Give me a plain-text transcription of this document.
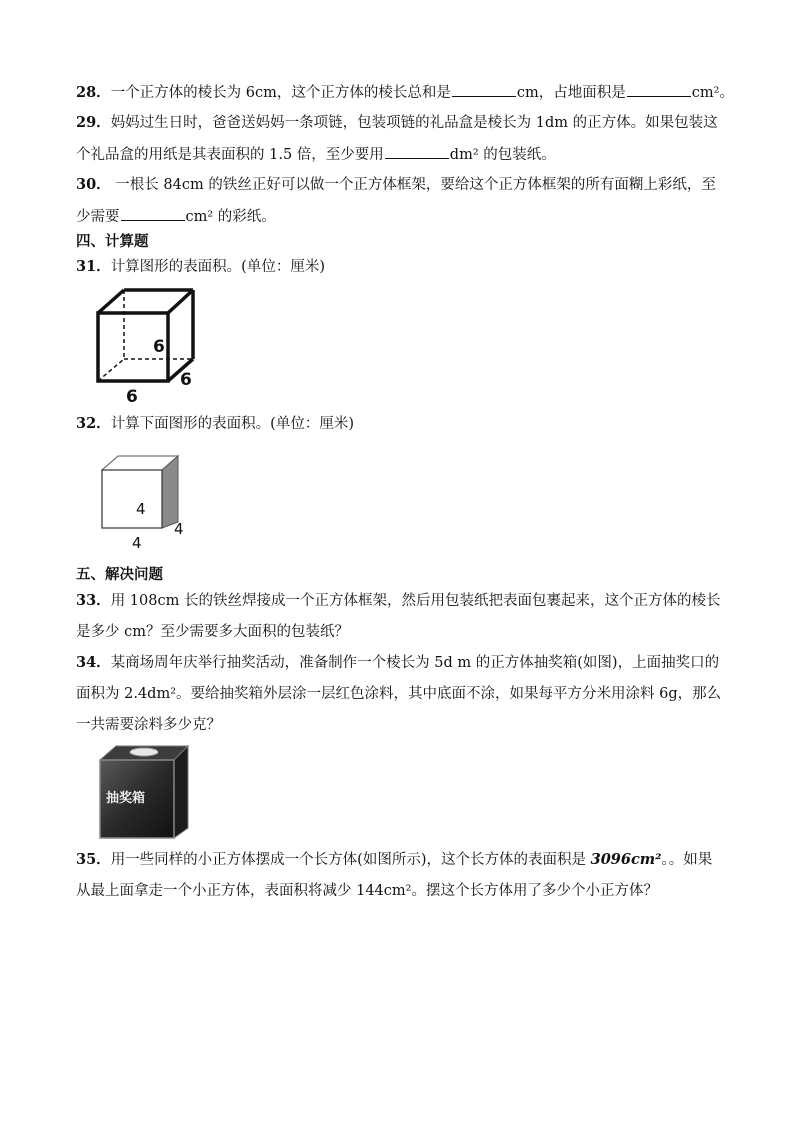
28．一个正方体的棱长为 6cm，这个正方体的棱长总和是	cm，占地面积是	cm²。
29．妈妈过生日时，爸爸送妈妈一条项链，包装项链的礼品盒是棱长为 1dm 的正方体。如果包装这
个礼品盒的用纸是其表面积的 1.5 倍，至少要用	dm² 的包装纸。
30． 一根长 84cm 的铁丝正好可以做一个正方体框架，要给这个正方体框架的所有面糊上彩纸，至
少需要	cm² 的彩纸。
四、计算题
31．计算图形的表面积。(单位：厘米)
6
6
6
32．计算下面图形的表面积。(单位：厘米)
4
4
4
五、解决问题
33．用 108cm 长的铁丝焊接成一个正方体框架，然后用包装纸把表面包裹起来，这个正方体的棱长
是多少 cm？至少需要多大面积的包装纸？
34．某商场周年庆举行抽奖活动，准备制作一个棱长为 5d m 的正方体抽奖箱(如图)，上面抽奖口的
面积为 2.4dm²。要给抽奖箱外层涂一层红色涂料，其中底面不涂，如果每平方分米用涂料 6g，那么
一共需要涂料多少克？
抽奖箱
35．用一些同样的小正方体摆成一个长方体(如图所示)，这个长方体的表面积是 3096cm²。。如果
从最上面拿走一个小正方体，表面积将减少 144cm²。摆这个长方体用了多少个小正方体？
